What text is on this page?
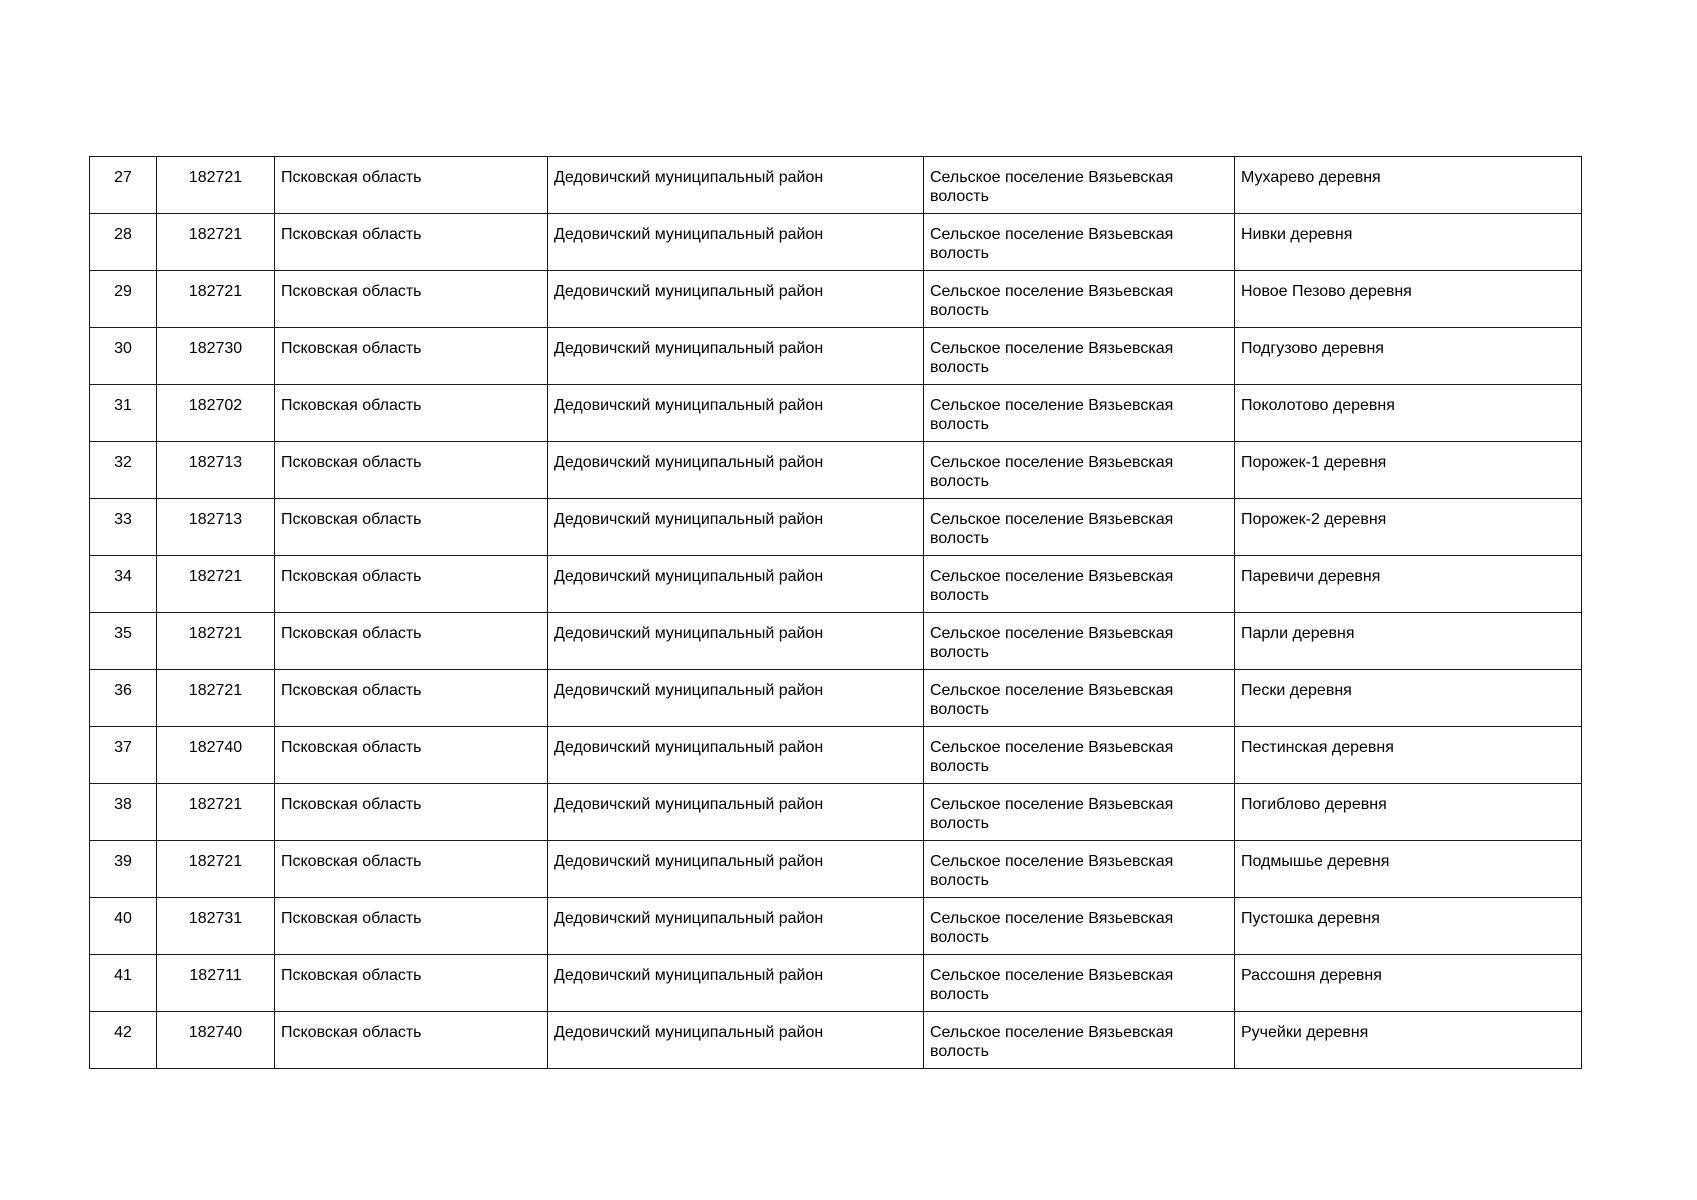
27	182721	Псковская область	Дедовичский муниципальный район	Сельское поселение Вязьевская волость	Мухарево деревня
28	182721	Псковская область	Дедовичский муниципальный район	Сельское поселение Вязьевская волость	Нивки деревня
29	182721	Псковская область	Дедовичский муниципальный район	Сельское поселение Вязьевская волость	Новое Пезово деревня
30	182730	Псковская область	Дедовичский муниципальный район	Сельское поселение Вязьевская волость	Подгузово деревня
31	182702	Псковская область	Дедовичский муниципальный район	Сельское поселение Вязьевская волость	Поколотово деревня
32	182713	Псковская область	Дедовичский муниципальный район	Сельское поселение Вязьевская волость	Порожек-1 деревня
33	182713	Псковская область	Дедовичский муниципальный район	Сельское поселение Вязьевская волость	Порожек-2 деревня
34	182721	Псковская область	Дедовичский муниципальный район	Сельское поселение Вязьевская волость	Паревичи деревня
35	182721	Псковская область	Дедовичский муниципальный район	Сельское поселение Вязьевская волость	Парли деревня
36	182721	Псковская область	Дедовичский муниципальный район	Сельское поселение Вязьевская волость	Пески деревня
37	182740	Псковская область	Дедовичский муниципальный район	Сельское поселение Вязьевская волость	Пестинская деревня
38	182721	Псковская область	Дедовичский муниципальный район	Сельское поселение Вязьевская волость	Погиблово деревня
39	182721	Псковская область	Дедовичский муниципальный район	Сельское поселение Вязьевская волость	Подмышье деревня
40	182731	Псковская область	Дедовичский муниципальный район	Сельское поселение Вязьевская волость	Пустошка деревня
41	182711	Псковская область	Дедовичский муниципальный район	Сельское поселение Вязьевская волость	Рассошня деревня
42	182740	Псковская область	Дедовичский муниципальный район	Сельское поселение Вязьевская волость	Ручейки деревня
